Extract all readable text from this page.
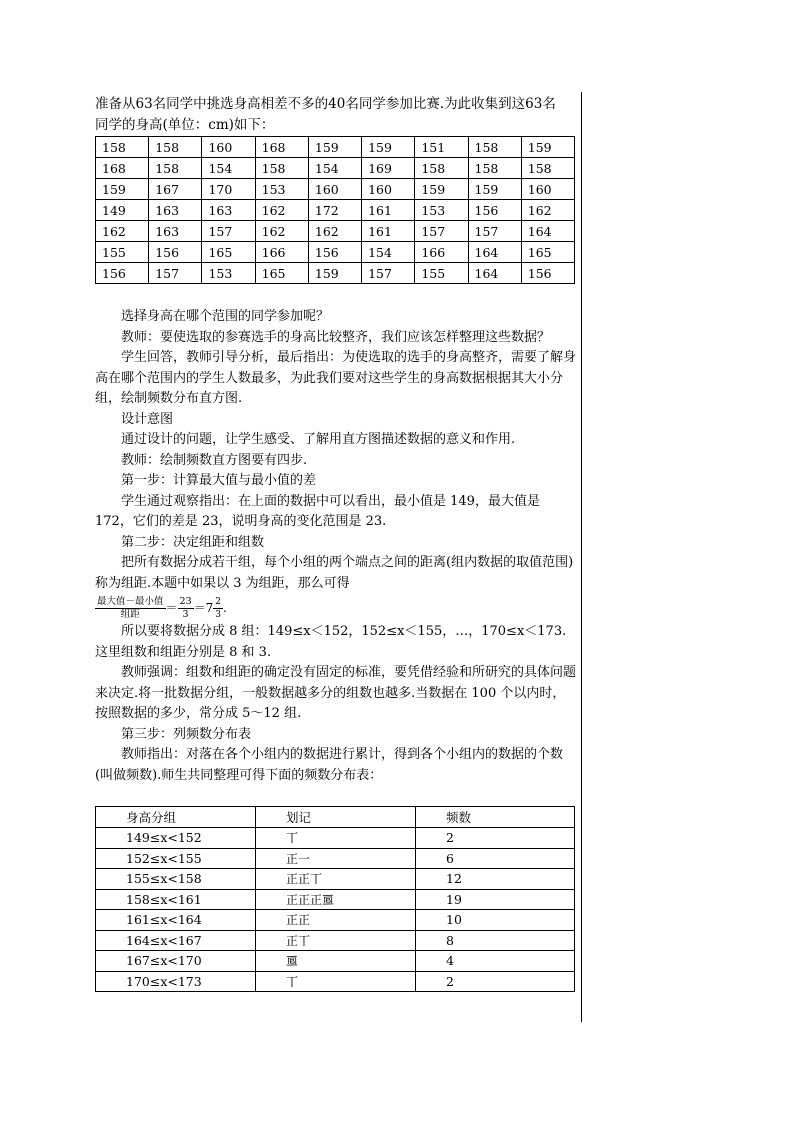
准备从63名同学中挑选身高相差不多的40名同学参加比赛.为此收集到这63名
同学的身高(单位：cm)如下：
158	158	160	168	159	159	151	158	159
168	158	154	158	154	169	158	158	158
159	167	170	153	160	160	159	159	160
149	163	163	162	172	161	153	156	162
162	163	157	162	162	161	157	157	164
155	156	165	166	156	154	166	164	165
156	157	153	165	159	157	155	164	156

选择身高在哪个范围的同学参加呢？

教师：要使选取的参赛选手的身高比较整齐，我们应该怎样整理这些数据？

学生回答，教师引导分析，最后指出：为使选取的选手的身高整齐，需要了解身高在哪个范围内的学生人数最多，为此我们要对这些学生的身高数据根据其大小分组，绘制频数分布直方图.

设计意图

通过设计的问题，让学生感受、了解用直方图描述数据的意义和作用.

教师：绘制频数直方图要有四步.

第一步：计算最大值与最小值的差

学生通过观察指出：在上面的数据中可以看出，最小值是 149，最大值是 172，它们的差是 23，说明身高的变化范围是 23.

第二步：决定组距和组数

把所有数据分成若干组，每个小组的两个端点之间的距离(组内数据的取值范围)称为组距.本题中如果以 3 为组距，那么可得

$\frac{\text{最大值－最小值}}{\text{组距}} = \frac{23}{3} =7 \frac{2}{3}$ .

所以要将数据分成 8 组：149≤x＜152，152≤x＜155，…，170≤x＜173.这里组数和组距分别是 8 和 3.

教师强调：组数和组距的确定没有固定的标准，要凭借经验和所研究的具体问题来决定.将一批数据分组，一般数据越多分的组数也越多.当数据在 100 个以内时，按照数据的多少，常分成 5～12 组.

第三步：列频数分布表

教师指出：对落在各个小组内的数据进行累计，得到各个小组内的数据的个数(叫做频数).师生共同整理可得下面的频数分布表：

身高分组	划记	频数
149≤x<152	丅	2
152≤x<155	正一	6
155≤x<158	正正丅	12
158≤x<161	正正正𠄢	19
161≤x<164	正正	10
164≤x<167	正丅	8
167≤x<170	𠄢	4
170≤x<173	丅	2
